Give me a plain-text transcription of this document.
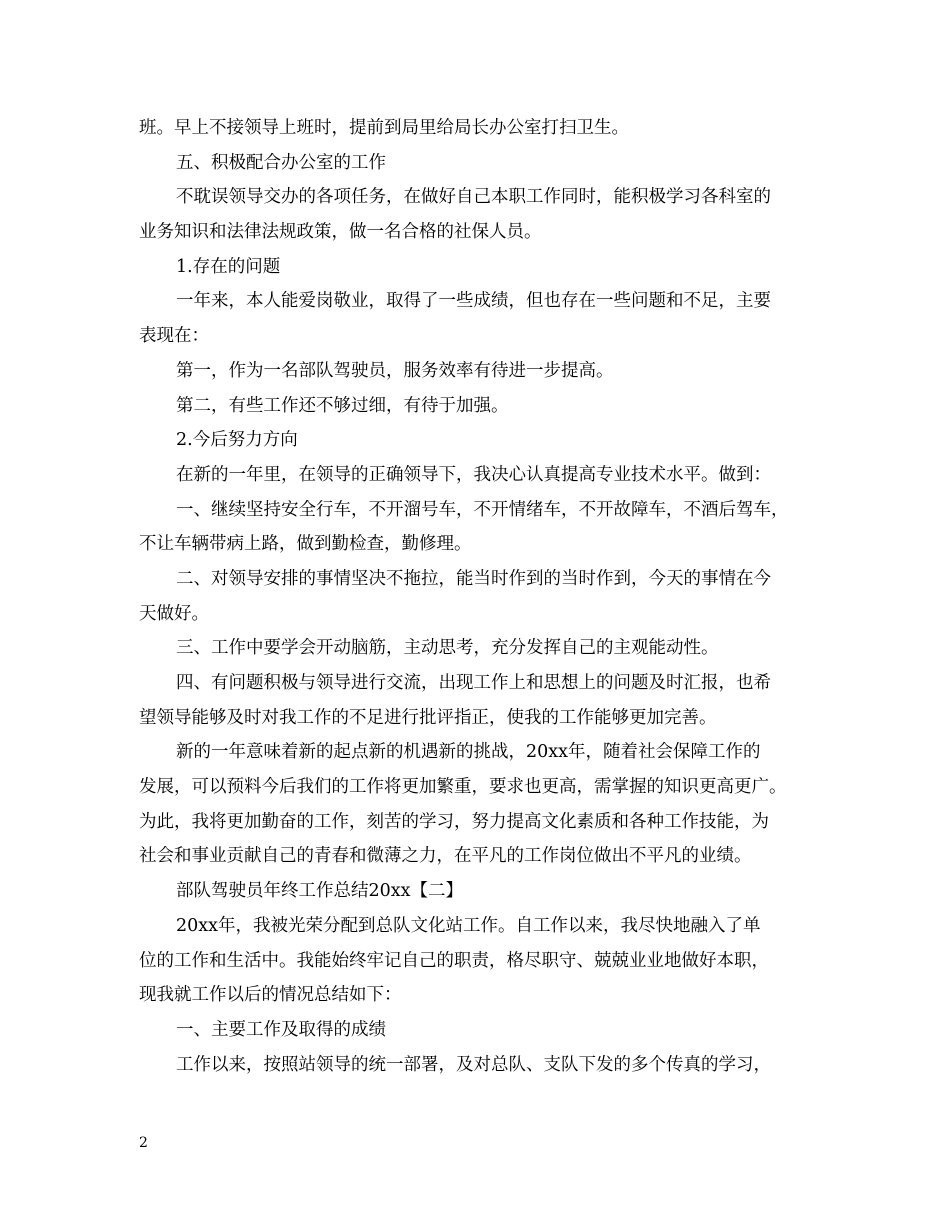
班。早上不接领导上班时，提前到局里给局长办公室打扫卫生。
五、积极配合办公室的工作
不耽误领导交办的各项任务，在做好自己本职工作同时，能积极学习各科室的
业务知识和法律法规政策，做一名合格的社保人员。
1.存在的问题
一年来，本人能爱岗敬业，取得了一些成绩，但也存在一些问题和不足，主要
表现在：
第一，作为一名部队驾驶员，服务效率有待进一步提高。
第二，有些工作还不够过细，有待于加强。
2.今后努力方向
在新的一年里，在领导的正确领导下，我决心认真提高专业技术水平。做到：
一、继续坚持安全行车，不开溜号车，不开情绪车，不开故障车，不酒后驾车，
不让车辆带病上路，做到勤检查，勤修理。
二、对领导安排的事情坚决不拖拉，能当时作到的当时作到，今天的事情在今
天做好。
三、工作中要学会开动脑筋，主动思考，充分发挥自己的主观能动性。
四、有问题积极与领导进行交流，出现工作上和思想上的问题及时汇报，也希
望领导能够及时对我工作的不足进行批评指正，使我的工作能够更加完善。
新的一年意味着新的起点新的机遇新的挑战，20xx年，随着社会保障工作的
发展，可以预料今后我们的工作将更加繁重，要求也更高，需掌握的知识更高更广。
为此，我将更加勤奋的工作，刻苦的学习，努力提高文化素质和各种工作技能，为
社会和事业贡献自己的青春和微薄之力，在平凡的工作岗位做出不平凡的业绩。
部队驾驶员年终工作总结20xx【二】
20xx年，我被光荣分配到总队文化站工作。自工作以来，我尽快地融入了单
位的工作和生活中。我能始终牢记自己的职责，格尽职守、兢兢业业地做好本职，
现我就工作以后的情况总结如下：
一、主要工作及取得的成绩
工作以来，按照站领导的统一部署，及对总队、支队下发的多个传真的学习，
2
